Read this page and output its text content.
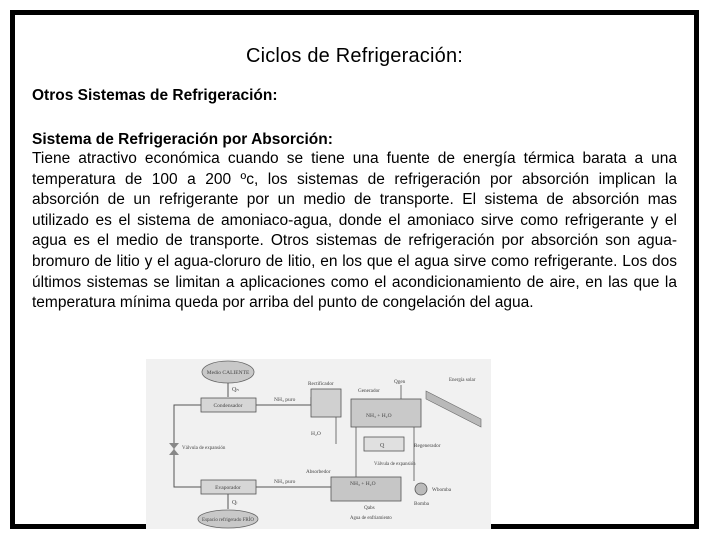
Ciclos de Refrigeración:
Otros Sistemas de Refrigeración:
Sistema de Refrigeración por Absorción:
Tiene atractivo económica cuando se tiene una fuente de energía térmica barata a una temperatura de 100 a 200 ºc, los sistemas de refrigeración por absorción implican la absorción de un refrigerante por un medio de transporte. El sistema de absorción mas utilizado es el sistema de amoniaco-agua, donde el amoniaco sirve como refrigerante y el agua es el medio de transporte. Otros sistemas de refrigeración por absorción son agua-bromuro de litio y el agua-cloruro de litio, en los que el agua sirve como refrigerante. Los dos últimos sistemas se limitan a aplicaciones como el acondicionamiento de aire, en las que la temperatura mínima queda por arriba del punto de congelación del agua.
Medio CALIENTE
Qₕ
Condensador
NH₃ puro
Válvula de expansión
Rectificador
Generador
NH₃ + H₂O
Qgen	Energía solar
H₂O
Q	Regenerador
Válvula de expansión
Absorbedor
NH₃ + H₂O
Qabs
Agua de enfriamiento
Bomba
Wbomba
Evaporador
NH₃ puro
Qₗ
Espacio refrigerado FRÍO
